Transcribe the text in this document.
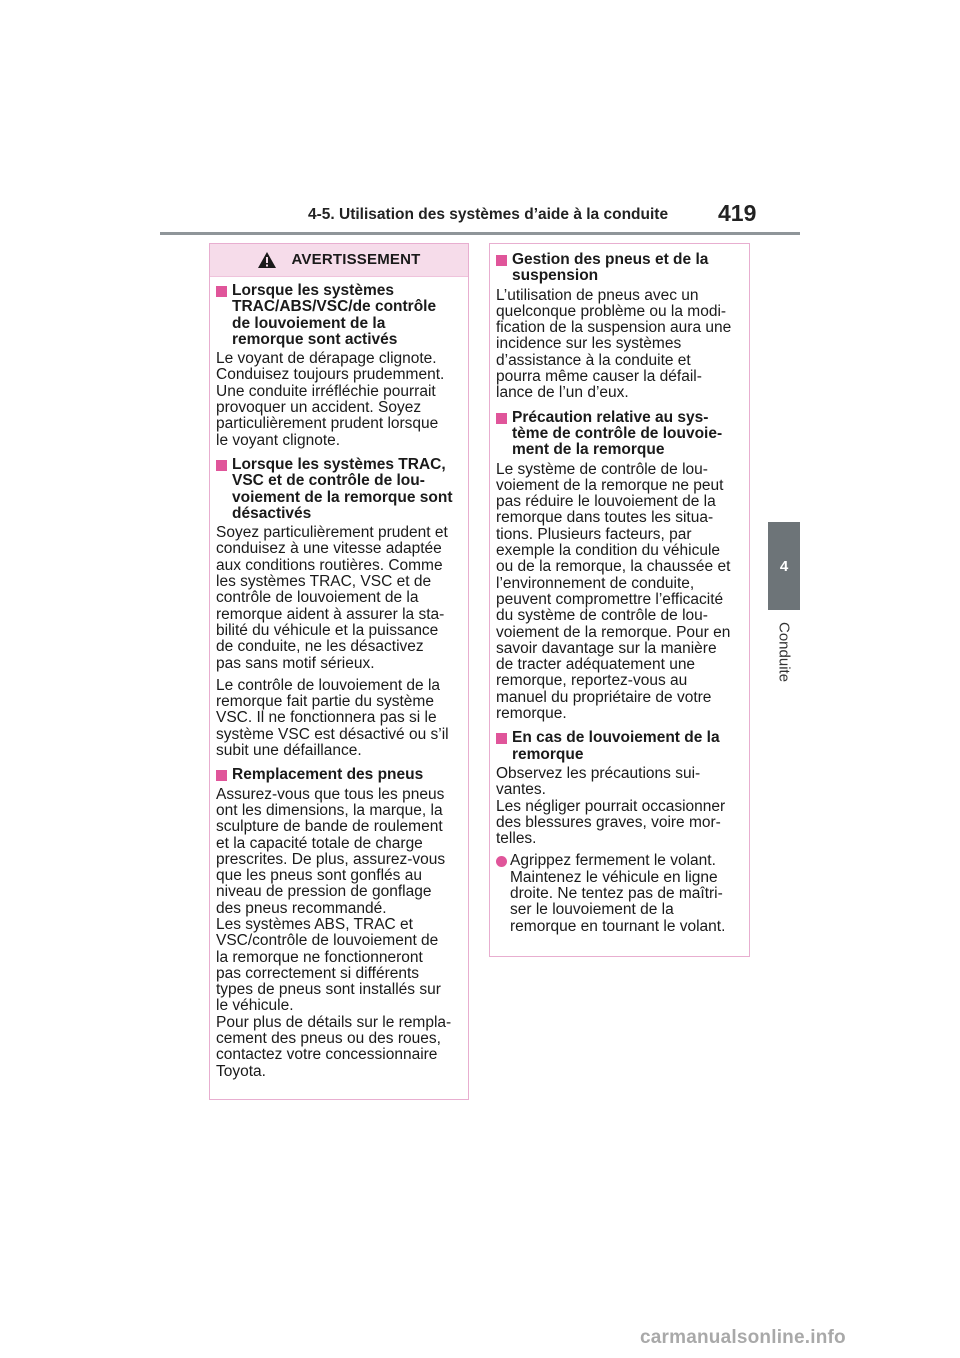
4-5. Utilisation des systèmes d’aide à la conduite 419
4
Conduite
AVERTISSEMENT
Lorsque les systèmes
TRAC/ABS/VSC/de contrôle
de louvoiement de la
remorque sont activés
Le voyant de dérapage clignote.
Conduisez toujours prudemment.
Une conduite irréfléchie pourrait
provoquer un accident. Soyez
particulièrement prudent lorsque
le voyant clignote.
Lorsque les systèmes TRAC,
VSC et de contrôle de lou-
voiement de la remorque sont
désactivés
Soyez particulièrement prudent et
conduisez à une vitesse adaptée
aux conditions routières. Comme
les systèmes TRAC, VSC et de
contrôle de louvoiement de la
remorque aident à assurer la sta-
bilité du véhicule et la puissance
de conduite, ne les désactivez
pas sans motif sérieux.
Le contrôle de louvoiement de la
remorque fait partie du système
VSC. Il ne fonctionnera pas si le
système VSC est désactivé ou s’il
subit une défaillance.
Remplacement des pneus
Assurez-vous que tous les pneus
ont les dimensions, la marque, la
sculpture de bande de roulement
et la capacité totale de charge
prescrites. De plus, assurez-vous
que les pneus sont gonflés au
niveau de pression de gonflage
des pneus recommandé.
Les systèmes ABS, TRAC et
VSC/contrôle de louvoiement de
la remorque ne fonctionneront
pas correctement si différents
types de pneus sont installés sur
le véhicule.
Pour plus de détails sur le rempla-
cement des pneus ou des roues,
contactez votre concessionnaire
Toyota.
Gestion des pneus et de la
suspension
L’utilisation de pneus avec un
quelconque problème ou la modi-
fication de la suspension aura une
incidence sur les systèmes
d’assistance à la conduite et
pourra même causer la défail-
lance de l’un d’eux.
Précaution relative au sys-
tème de contrôle de louvoie-
ment de la remorque
Le système de contrôle de lou-
voiement de la remorque ne peut
pas réduire le louvoiement de la
remorque dans toutes les situa-
tions. Plusieurs facteurs, par
exemple la condition du véhicule
ou de la remorque, la chaussée et
l’environnement de conduite,
peuvent compromettre l’efficacité
du système de contrôle de lou-
voiement de la remorque. Pour en
savoir davantage sur la manière
de tracter adéquatement une
remorque, reportez-vous au
manuel du propriétaire de votre
remorque.
En cas de louvoiement de la
remorque
Observez les précautions sui-
vantes.
Les négliger pourrait occasionner
des blessures graves, voire mor-
telles.
Agrippez fermement le volant.
Maintenez le véhicule en ligne
droite. Ne tentez pas de maîtri-
ser le louvoiement de la
remorque en tournant le volant.
carmanualsonline.info
